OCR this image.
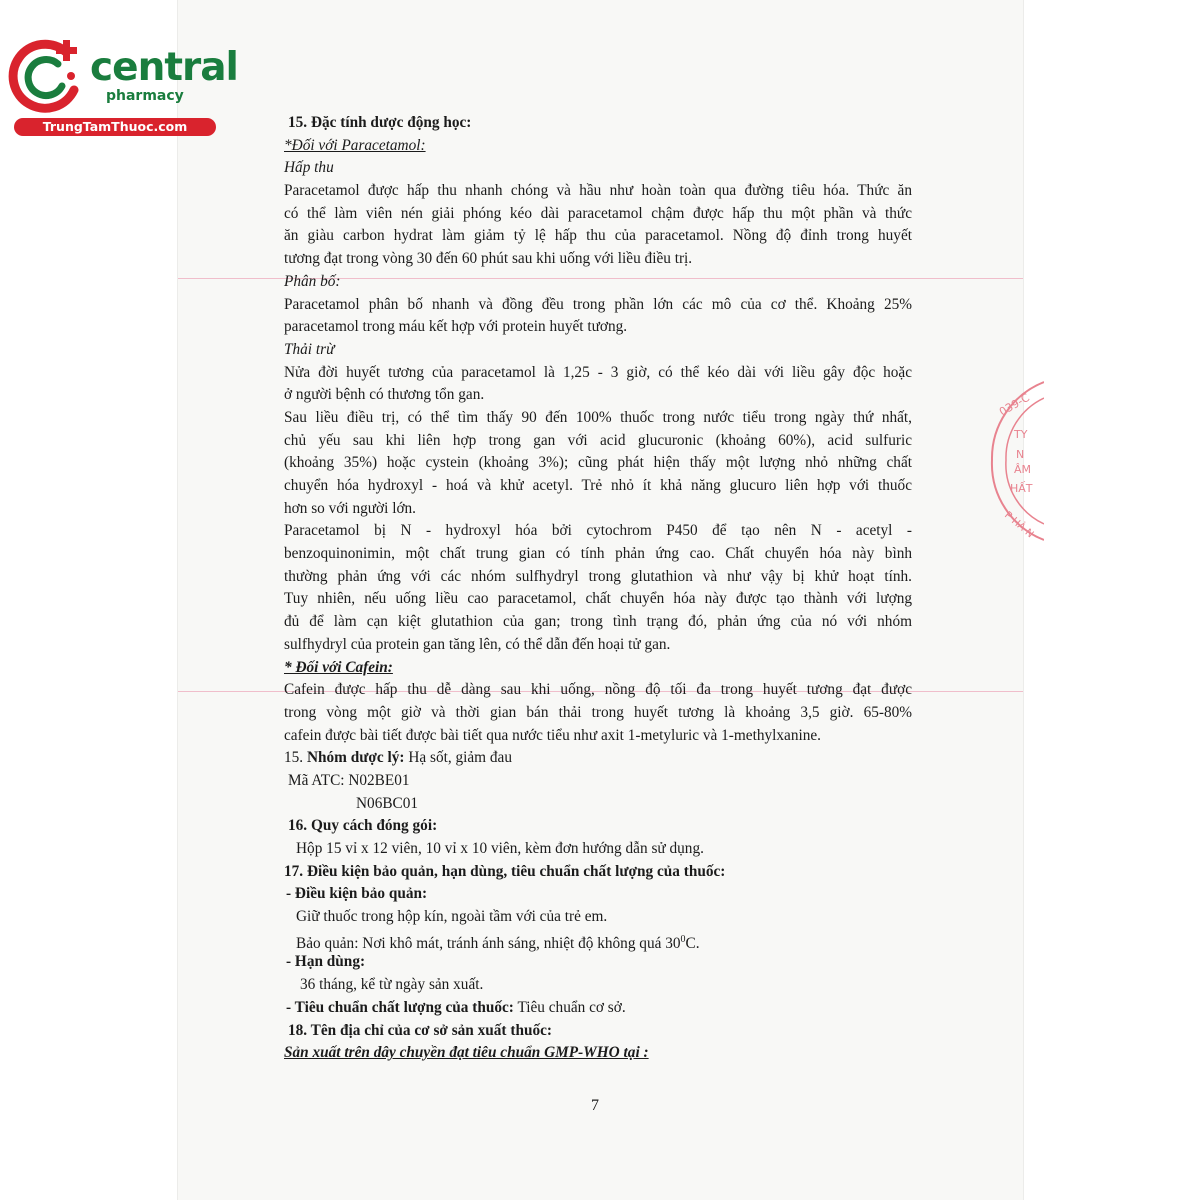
central
pharmacy
TrungTamThuoc.com
039-C
TY
N
ÂM
HẤT
P HÀ N
15. Đặc tính dược động học:
*Đối với Paracetamol:
Hấp thu
Paracetamol được hấp thu nhanh chóng và hầu như hoàn toàn qua đường tiêu hóa. Thức ăn
có thể làm viên nén giải phóng kéo dài paracetamol chậm được hấp thu một phần và thức
ăn giàu carbon hydrat làm giảm tỷ lệ hấp thu của paracetamol. Nồng độ đỉnh trong huyết
tương đạt trong vòng 30 đến 60 phút sau khi uống với liều điều trị.
Phân bố:
Paracetamol phân bố nhanh và đồng đều trong phần lớn các mô của cơ thể. Khoảng 25%
paracetamol trong máu kết hợp với protein huyết tương.
Thải trừ
Nửa đời huyết tương của paracetamol là 1,25 - 3 giờ, có thể kéo dài với liều gây độc hoặc
ở người bệnh có thương tổn gan.
Sau liều điều trị, có thể tìm thấy 90 đến 100% thuốc trong nước tiểu trong ngày thứ nhất,
chủ yếu sau khi liên hợp trong gan với acid glucuronic (khoảng 60%), acid sulfuric
(khoảng 35%) hoặc cystein (khoảng 3%); cũng phát hiện thấy một lượng nhỏ những chất
chuyển hóa hydroxyl - hoá và khử acetyl. Trẻ nhỏ ít khả năng glucuro liên hợp với thuốc
hơn so với người lớn.
Paracetamol bị N - hydroxyl hóa bởi cytochrom P450 để tạo nên N - acetyl -
benzoquinonimin, một chất trung gian có tính phản ứng cao. Chất chuyển hóa này bình
thường phản ứng với các nhóm sulfhydryl trong glutathion và như vậy bị khử hoạt tính.
Tuy nhiên, nếu uống liều cao paracetamol, chất chuyển hóa này được tạo thành với lượng
đủ để làm cạn kiệt glutathion của gan; trong tình trạng đó, phản ứng của nó với nhóm
sulfhydryl của protein gan tăng lên, có thể dẫn đến hoại tử gan.
* Đối với Cafein:
Cafein được hấp thu dễ dàng sau khi uống, nồng độ tối đa trong huyết tương đạt được
trong vòng một giờ và thời gian bán thải trong huyết tương là khoảng 3,5 giờ. 65-80%
cafein được bài tiết được bài tiết qua nước tiểu như axit 1-metyluric và 1-methylxanine.
15. Nhóm dược lý: Hạ sốt, giảm đau
Mã ATC: N02BE01
N06BC01
16. Quy cách đóng gói:
Hộp 15 vỉ x 12 viên, 10 vỉ x 10 viên, kèm đơn hướng dẫn sử dụng.
17. Điều kiện bảo quản, hạn dùng, tiêu chuẩn chất lượng của thuốc:
- Điều kiện bảo quản:
Giữ thuốc trong hộp kín, ngoài tầm với của trẻ em.
Bảo quản: Nơi khô mát, tránh ánh sáng, nhiệt độ không quá $30^0C$.
- Hạn dùng:
36 tháng, kể từ ngày sản xuất.
- Tiêu chuẩn chất lượng của thuốc: Tiêu chuẩn cơ sở.
18. Tên địa chỉ của cơ sở sản xuất thuốc:
Sản xuất trên dây chuyền đạt tiêu chuẩn GMP-WHO tại :
7
